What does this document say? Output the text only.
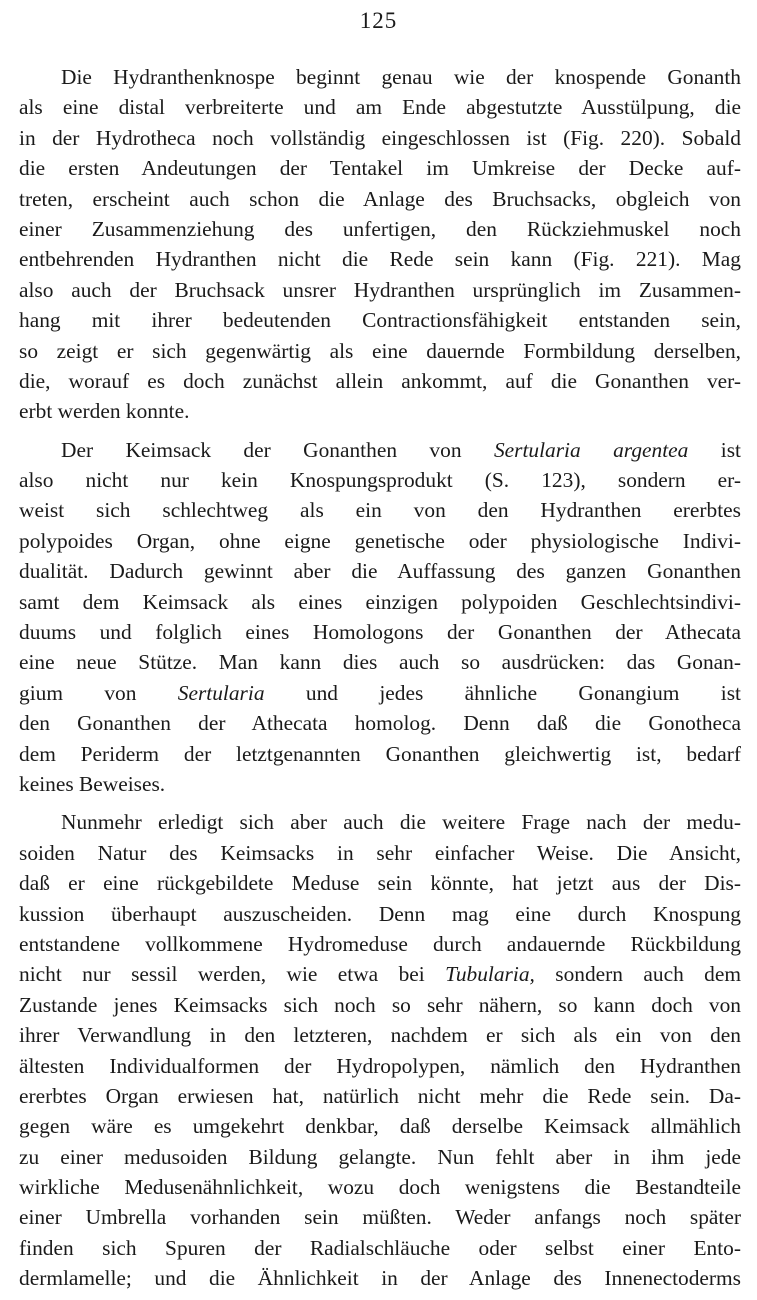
125
Die Hydranthenknospe beginnt genau wie der knospende Gonanth
als eine distal verbreiterte und am Ende abgestutzte Ausstülpung, die
in der Hydrotheca noch vollständig eingeschlossen ist (Fig. 220). Sobald
die ersten Andeutungen der Tentakel im Umkreise der Decke auf-
treten, erscheint auch schon die Anlage des Bruchsacks, obgleich von
einer Zusammenziehung des unfertigen, den Rückziehmuskel noch
entbehrenden Hydranthen nicht die Rede sein kann (Fig. 221). Mag
also auch der Bruchsack unsrer Hydranthen ursprünglich im Zusammen-
hang mit ihrer bedeutenden Contractionsfähigkeit entstanden sein,
so zeigt er sich gegenwärtig als eine dauernde Formbildung derselben,
die, worauf es doch zunächst allein ankommt, auf die Gonanthen ver-
erbt werden konnte.
Der Keimsack der Gonanthen von Sertularia argentea ist
also nicht nur kein Knospungsprodukt (S. 123), sondern er-
weist sich schlechtweg als ein von den Hydranthen ererbtes
polypoides Organ, ohne eigne genetische oder physiologische Indivi-
dualität. Dadurch gewinnt aber die Auffassung des ganzen Gonanthen
samt dem Keimsack als eines einzigen polypoiden Geschlechtsindivi-
duums und folglich eines Homologons der Gonanthen der Athecata
eine neue Stütze. Man kann dies auch so ausdrücken: das Gonan-
gium von Sertularia und jedes ähnliche Gonangium ist
den Gonanthen der Athecata homolog. Denn daß die Gonotheca
dem Periderm der letztgenannten Gonanthen gleichwertig ist, bedarf
keines Beweises.
Nunmehr erledigt sich aber auch die weitere Frage nach der medu-
soiden Natur des Keimsacks in sehr einfacher Weise. Die Ansicht,
daß er eine rückgebildete Meduse sein könnte, hat jetzt aus der Dis-
kussion überhaupt auszuscheiden. Denn mag eine durch Knospung
entstandene vollkommene Hydromeduse durch andauernde Rückbildung
nicht nur sessil werden, wie etwa bei Tubularia, sondern auch dem
Zustande jenes Keimsacks sich noch so sehr nähern, so kann doch von
ihrer Verwandlung in den letzteren, nachdem er sich als ein von den
ältesten Individualformen der Hydropolypen, nämlich den Hydranthen
ererbtes Organ erwiesen hat, natürlich nicht mehr die Rede sein. Da-
gegen wäre es umgekehrt denkbar, daß derselbe Keimsack allmählich
zu einer medusoiden Bildung gelangte. Nun fehlt aber in ihm jede
wirkliche Medusenähnlichkeit, wozu doch wenigstens die Bestandteile
einer Umbrella vorhanden sein müßten. Weder anfangs noch später
finden sich Spuren der Radialschläuche oder selbst einer Ento-
dermlamelle; und die Ähnlichkeit in der Anlage des Innenectoderms
